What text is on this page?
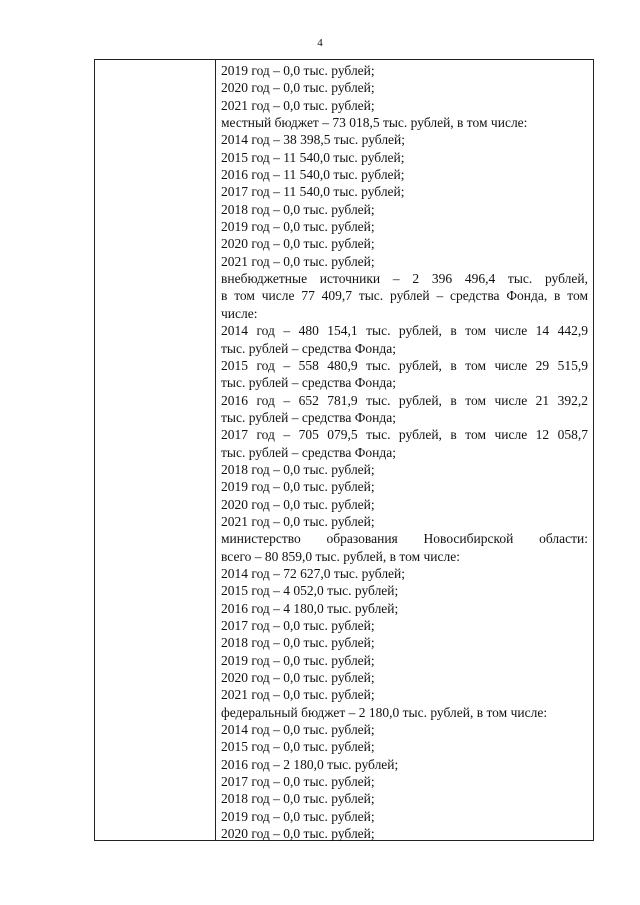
4
2019 год – 0,0 тыс. рублей;
2020 год – 0,0 тыс. рублей;
2021 год – 0,0 тыс. рублей;
местный бюджет – 73 018,5 тыс. рублей, в том числе:
2014 год – 38 398,5 тыс. рублей;
2015 год – 11 540,0 тыс. рублей;
2016 год – 11 540,0 тыс. рублей;
2017 год – 11 540,0 тыс. рублей;
2018 год – 0,0 тыс. рублей;
2019 год – 0,0 тыс. рублей;
2020 год – 0,0 тыс. рублей;
2021 год – 0,0 тыс. рублей;
внебюджетные источники – 2 396 496,4 тыс. рублей,
в том числе 77 409,7 тыс. рублей – средства Фонда, в том
числе:
2014 год – 480 154,1 тыс. рублей, в том числе 14 442,9
тыс. рублей – средства Фонда;
2015 год – 558 480,9 тыс. рублей, в том числе 29 515,9
тыс. рублей – средства Фонда;
2016 год – 652 781,9 тыс. рублей, в том числе 21 392,2
тыс. рублей – средства Фонда;
2017 год – 705 079,5 тыс. рублей, в том числе 12 058,7
тыс. рублей – средства Фонда;
2018 год – 0,0 тыс. рублей;
2019 год – 0,0 тыс. рублей;
2020 год – 0,0 тыс. рублей;
2021 год – 0,0 тыс. рублей;
министерство образования Новосибирской области:
всего – 80 859,0 тыс. рублей, в том числе:
2014 год – 72 627,0 тыс. рублей;
2015 год – 4 052,0 тыс. рублей;
2016 год – 4 180,0 тыс. рублей;
2017 год – 0,0 тыс. рублей;
2018 год – 0,0 тыс. рублей;
2019 год – 0,0 тыс. рублей;
2020 год – 0,0 тыс. рублей;
2021 год – 0,0 тыс. рублей;
федеральный бюджет – 2 180,0 тыс. рублей, в том числе:
2014 год – 0,0 тыс. рублей;
2015 год – 0,0 тыс. рублей;
2016 год – 2 180,0 тыс. рублей;
2017 год – 0,0 тыс. рублей;
2018 год – 0,0 тыс. рублей;
2019 год – 0,0 тыс. рублей;
2020 год – 0,0 тыс. рублей;
